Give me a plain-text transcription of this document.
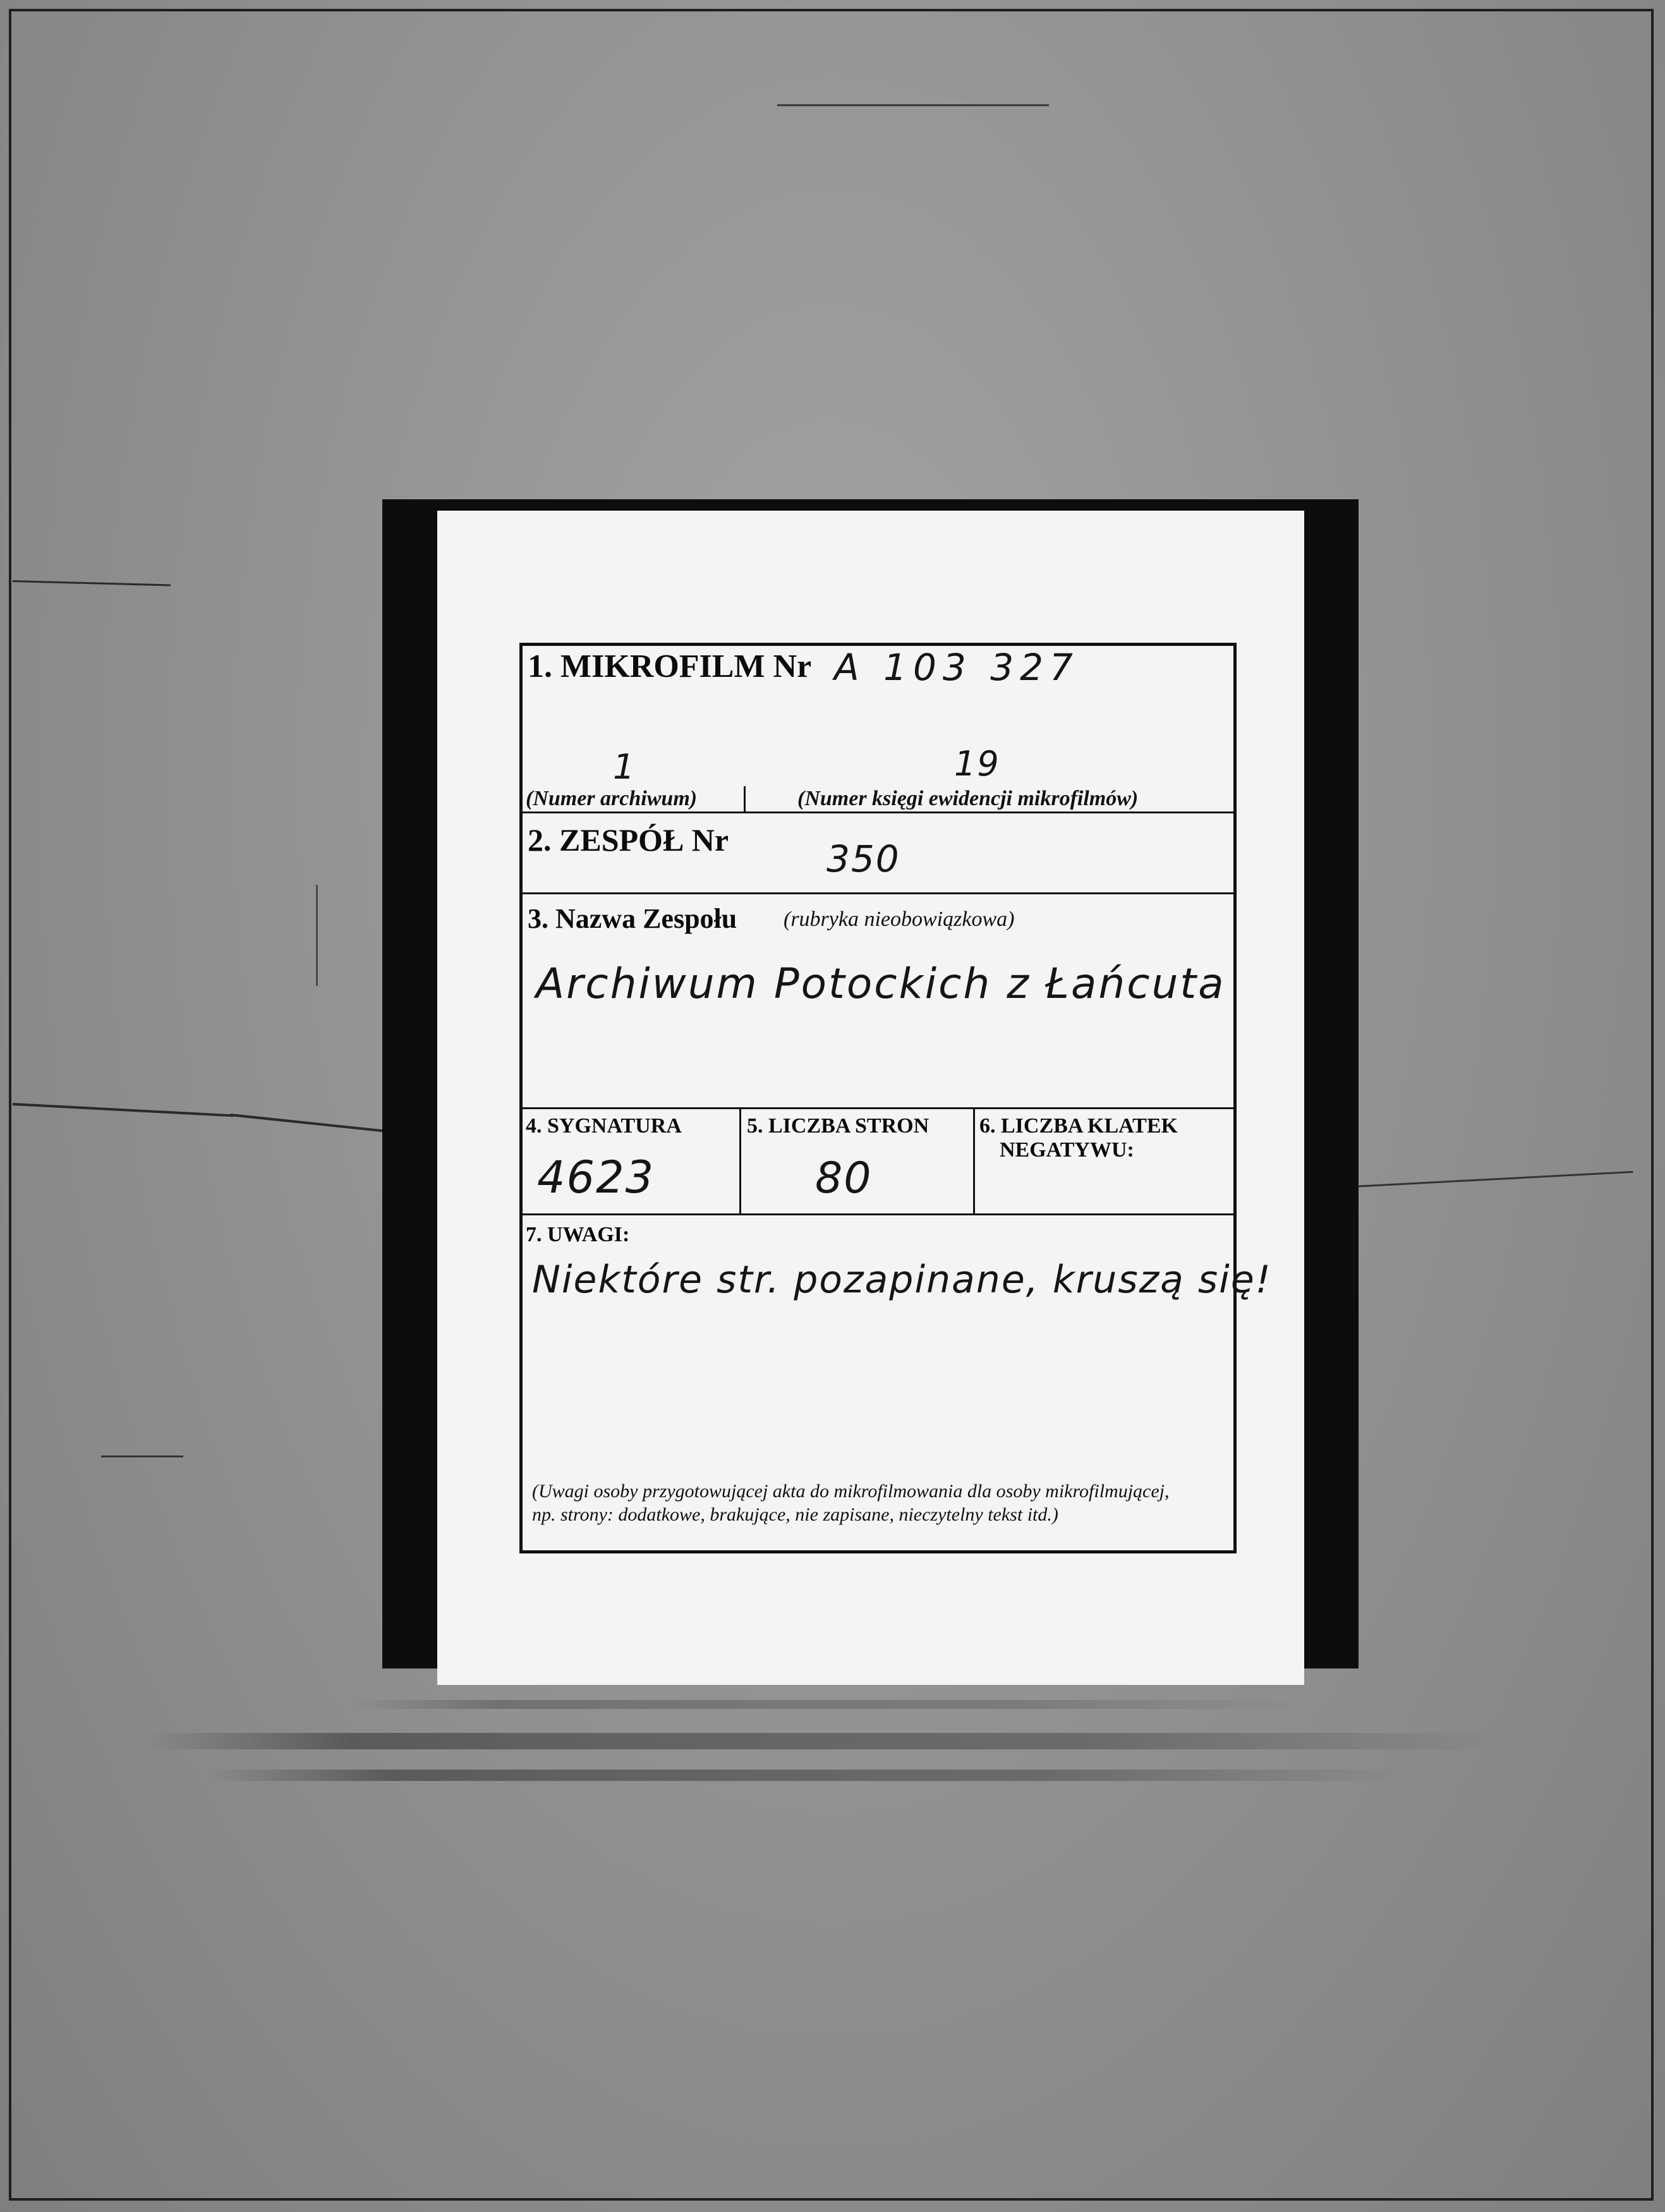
1. MIKROFILM Nr A 103 327
1
(Numer archiwum)
19
(Numer księgi ewidencji mikrofilmów)
2. ZESPÓŁ Nr	350
3. Nazwa Zespołu (rubryka nieobowiązkowa)
Archiwum Potockich z Łańcuta
4. SYGNATURA
4623
5. LICZBA STRON
80
6. LICZBA KLATEK
NEGATYWU:
7. UWAGI:
Niektóre str. pozapinane, kruszą się!
(Uwagi osoby przygotowującej akta do mikrofilmowania dla osoby mikrofilmującej,
np. strony: dodatkowe, brakujące, nie zapisane, nieczytelny tekst itd.)
